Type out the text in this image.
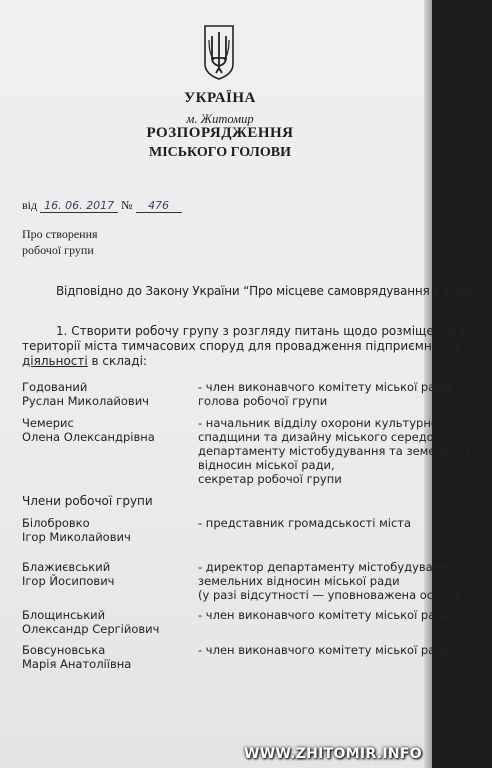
УКРАЇНА
м. Житомир
РОЗПОРЯДЖЕННЯ
МІСЬКОГО ГОЛОВИ
від 16. 06. 2017 № 476
Про створення
робочої групи
Відповідно до Закону України “Про місцеве самоврядування в Україні”
1. Створити робочу групу з розгляду питань щодо розміщення н
території міста тимчасових споруд для провадження підприємницьк
діяльності в складі:
Годований
Руслан Миколайович
- член виконавчого комітету міської ради,
голова робочої групи
Чемерис
Олена Олександрівна
- начальник відділу охорони культурної
спадщини та дизайну міського середовища
департаменту містобудування та земельних
відносин міської ради,
секретар робочої групи
Члени робочої групи
Білобровко
Ігор Миколайович
- представник громадськості міста
Блажиєвський
Ігор Йосипович
- директор департаменту містобудування та
земельних відносин міської ради
(у разі відсутності — уповноважена особа)
Блощинський
Олександр Сергійович
- член виконавчого комітету міської ради
Бовсуновська
Марія Анатоліївна
- член виконавчого комітету міської ради
WWW.ZHITOMIR.INFO
